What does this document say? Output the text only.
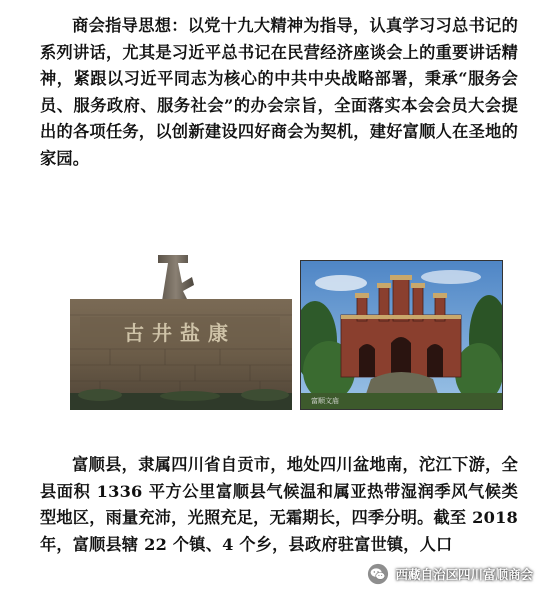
商会指导思想：以党十九大精神为指导，认真学习习总书记的系列讲话，尤其是习近平总书记在民营经济座谈会上的重要讲话精神，紧跟以习近平同志为核心的中共中央战略部署，秉承“服务会员、服务政府、服务社会”的办会宗旨，全面落实本会会员大会提出的各项任务，以创新建设四好商会为契机，建好富顺人在圣地的家园。

古井盐康
富顺文庙

富顺县，隶属四川省自贡市，地处四川盆地南，沱江下游，全县面积 1336 平方公里富顺县气候温和属亚热带湿润季风气候类型地区，雨量充沛，光照充足，无霜期长，四季分明。截至 2018 年，富顺县辖 22 个镇、4 个乡，县政府驻富世镇，人口

西藏自治区四川富顺商会
